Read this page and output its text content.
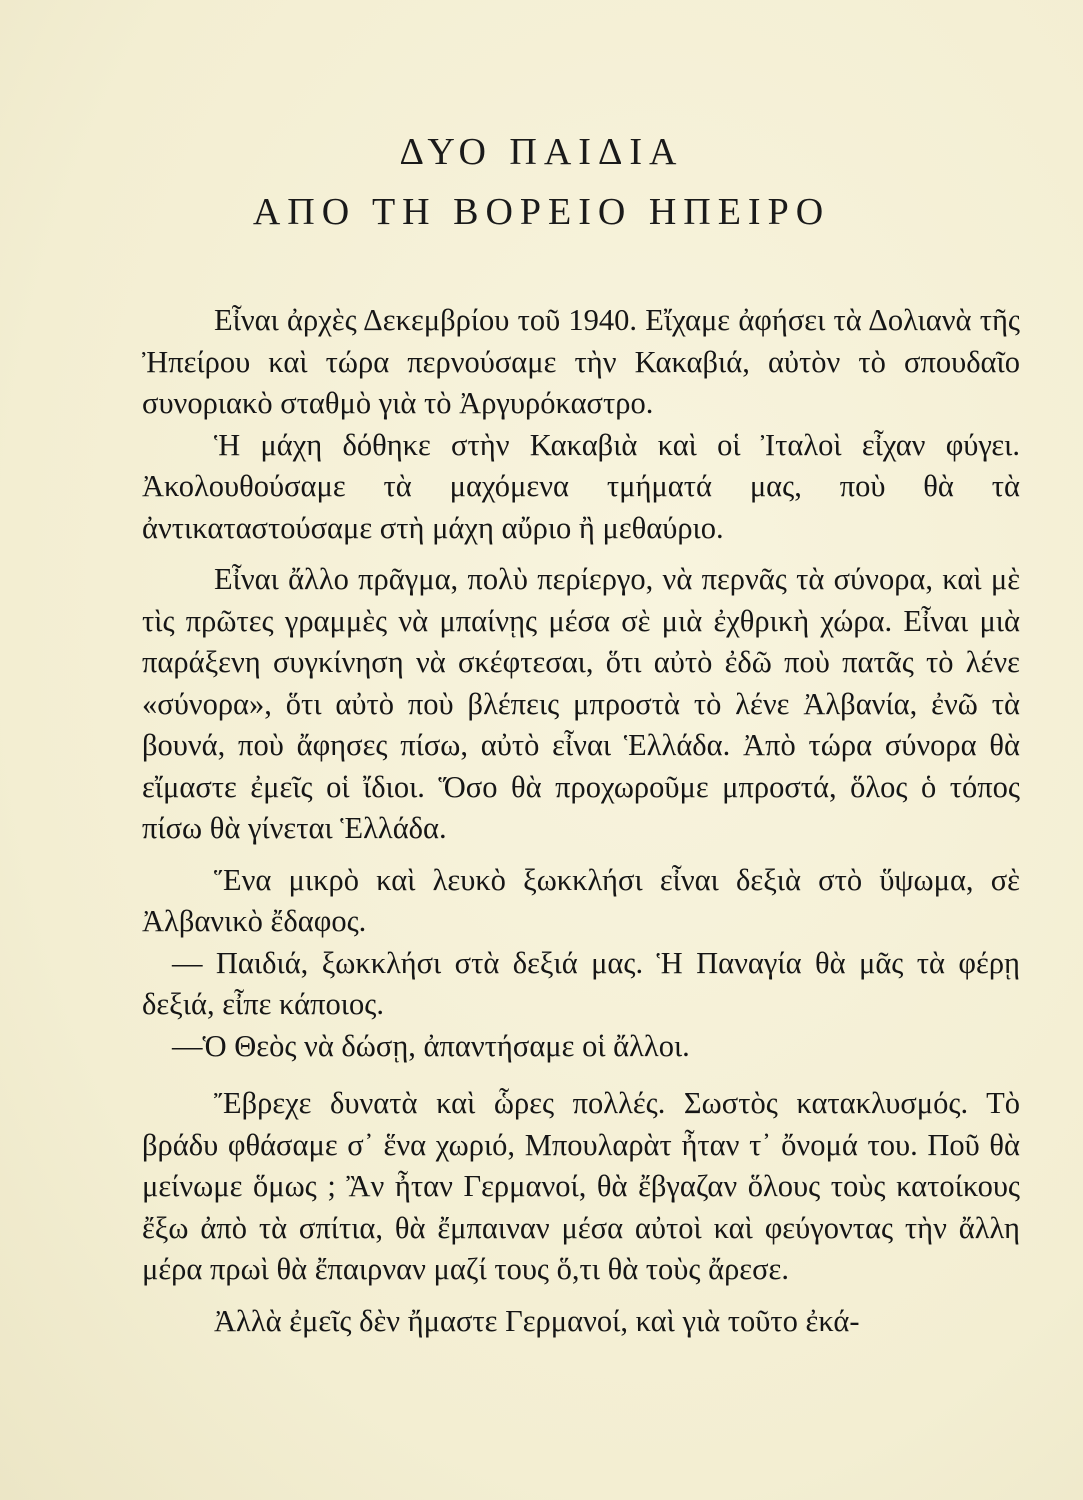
ΔΥΟ ΠΑΙΔΙΑ
ΑΠΟ ΤΗ ΒΟΡΕΙΟ ΗΠΕΙΡΟ

Εἶναι ἀρχὲς Δεκεμβρίου τοῦ 1940. Εἴχαμε ἀφήσει τὰ Δολιανὰ τῆς Ἠπείρου καὶ τώρα περνούσαμε τὴν Κακαβιά, αὐτὸν τὸ σπουδαῖο συνοριακὸ σταθμὸ γιὰ τὸ Ἀργυρόκαστρο.

Ἡ μάχη δόθηκε στὴν Κακαβιὰ καὶ οἱ Ἰταλοὶ εἶχαν φύγει. Ἀκολουθούσαμε τὰ μαχόμενα τμήματά μας, ποὺ θὰ τὰ ἀντικαταστούσαμε στὴ μάχη αὔριο ἢ μεθαύριο.

Εἶναι ἄλλο πρᾶγμα, πολὺ περίεργο, νὰ περνᾶς τὰ σύνορα, καὶ μὲ τὶς πρῶτες γραμμὲς νὰ μπαίνῃς μέσα σὲ μιὰ ἐχθρικὴ χώρα. Εἶναι μιὰ παράξενη συγκίνηση νὰ σκέφτεσαι, ὅτι αὐτὸ ἐδῶ ποὺ πατᾶς τὸ λένε «σύνορα», ὅτι αὐτὸ ποὺ βλέπεις μπροστὰ τὸ λένε Ἀλβανία, ἐνῶ τὰ βουνά, ποὺ ἄφησες πίσω, αὐτὸ εἶναι Ἑλλάδα. Ἀπὸ τώρα σύνορα θὰ εἴμαστε ἐμεῖς οἱ ἴδιοι. Ὅσο θὰ προχωροῦμε μπροστά, ὅλος ὁ τόπος πίσω θὰ γίνεται Ἑλλάδα.

Ἕνα μικρὸ καὶ λευκὸ ξωκκλήσι εἶναι δεξιὰ στὸ ὕψωμα, σὲ Ἀλβανικὸ ἔδαφος.

— Παιδιά, ξωκκλήσι στὰ δεξιά μας. Ἡ Παναγία θὰ μᾶς τὰ φέρῃ δεξιά, εἶπε κάποιος.

—Ὁ Θεὸς νὰ δώσῃ, ἀπαντήσαμε οἱ ἄλλοι.

Ἔβρεχε δυνατὰ καὶ ὧρες πολλές. Σωστὸς κατακλυσμός. Τὸ βράδυ φθάσαμε σ᾽ ἕνα χωριό, Μπουλαρὰτ ἦταν τ᾽ ὄνομά του. Ποῦ θὰ μείνωμε ὅμως ; Ἂν ἦταν Γερμανοί, θὰ ἔβγαζαν ὅλους τοὺς κατοίκους ἔξω ἀπὸ τὰ σπίτια, θὰ ἔμπαιναν μέσα αὐτοὶ καὶ φεύγοντας τὴν ἄλλη μέρα πρωὶ θὰ ἔπαιρναν μαζί τους ὅ,τι θὰ τοὺς ἄρεσε.

Ἀλλὰ ἐμεῖς δὲν ἤμαστε Γερμανοί, καὶ γιὰ τοῦτο ἐκά-
